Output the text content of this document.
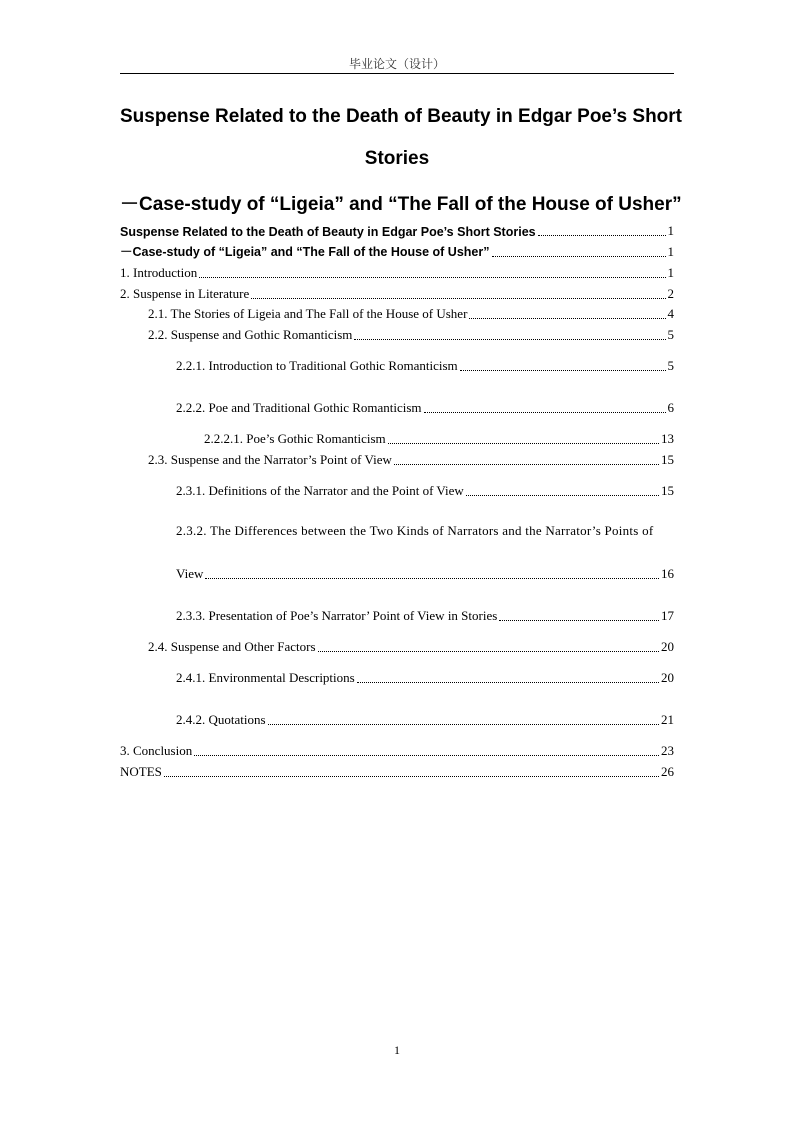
毕业论文（设计）
Suspense Related to the Death of Beauty in Edgar Poe’s Short
Stories
－Case-study of “Ligeia” and “The Fall of the House of Usher”
Suspense Related to the Death of Beauty in Edgar Poe’s Short Stories	1
－Case-study of “Ligeia” and “The Fall of the House of Usher”	1
1. Introduction	1
2. Suspense in Literature	2
2.1. The Stories of Ligeia and The Fall of the House of Usher	4
2.2. Suspense and Gothic Romanticism	5
2.2.1. Introduction to Traditional Gothic Romanticism	5
2.2.2. Poe and Traditional Gothic Romanticism	6
2.2.2.1. Poe’s Gothic Romanticism	13
2.3. Suspense and the Narrator’s Point of View	15
2.3.1. Definitions of the Narrator and the Point of View	15
2.3.2. The Differences between the Two Kinds of Narrators and the Narrator’s Points of
View	16
2.3.3. Presentation of Poe’s Narrator’ Point of View in Stories	17
2.4. Suspense and Other Factors	20
2.4.1. Environmental Descriptions	20
2.4.2. Quotations	21
3. Conclusion	23
NOTES	26
1
